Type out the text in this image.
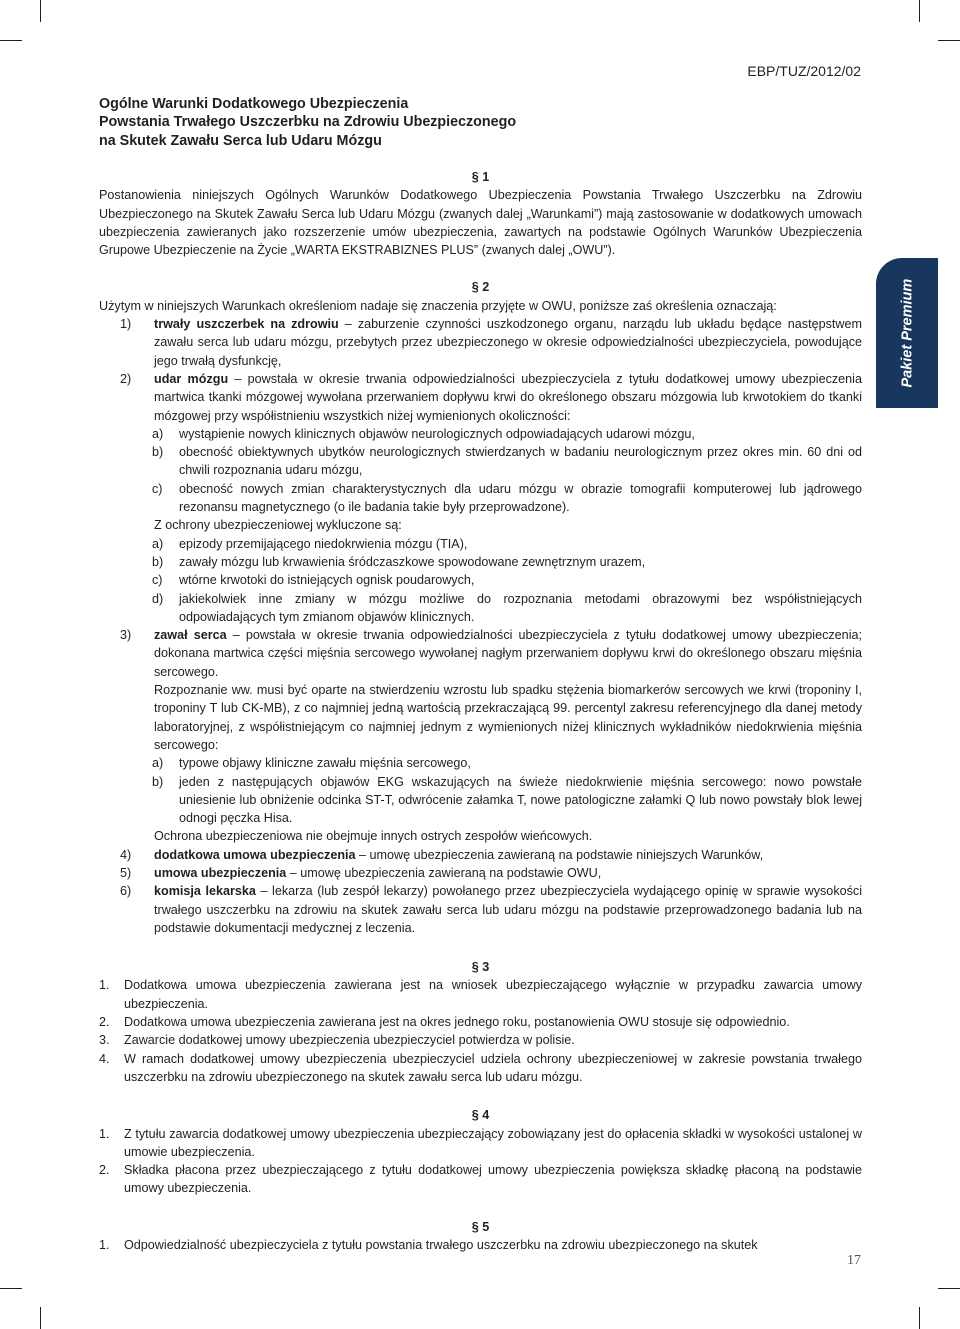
EBP/TUZ/2012/02
Ogólne Warunki Dodatkowego Ubezpieczenia
Powstania Trwałego Uszczerbku na Zdrowiu Ubezpieczonego
na Skutek Zawału Serca lub Udaru Mózgu
Pakiet Premium
§ 1

Postanowienia niniejszych Ogólnych Warunków Dodatkowego Ubezpieczenia Powstania Trwałego Uszczerbku na Zdrowiu Ubezpieczonego na Skutek Zawału Serca lub Udaru Mózgu (zwanych dalej „Warunkami”) mają zastosowanie w dodatkowych umowach ubezpieczenia zawieranych jako rozszerzenie umów ubezpieczenia, zawartych na podstawie Ogólnych Warunków Ubezpieczenia Grupowe Ubezpieczenie na Życie „WARTA EKSTRABIZNES PLUS” (zwanych dalej „OWU”).

§ 2

Użytym w niniejszych Warunkach określeniom nadaje się znaczenia przyjęte w OWU, poniższe zaś określenia oznaczają:

1) trwały uszczerbek na zdrowiu – zaburzenie czynności uszkodzonego organu, narządu lub układu będące następstwem zawału serca lub udaru mózgu, przebytych przez ubezpieczonego w okresie odpowiedzialności ubezpieczyciela, powodujące jego trwałą dysfunkcję,
2) udar mózgu – powstała w okresie trwania odpowiedzialności ubezpieczyciela z tytułu dodatkowej umowy ubezpieczenia martwica tkanki mózgowej wywołana przerwaniem dopływu krwi do określonego obszaru mózgowia lub krwotokiem do tkanki mózgowej przy współistnieniu wszystkich niżej wymienionych okoliczności:
a) wystąpienie nowych klinicznych objawów neurologicznych odpowiadających udarowi mózgu,
b) obecność obiektywnych ubytków neurologicznych stwierdzanych w badaniu neurologicznym przez okres min. 60 dni od chwili rozpoznania udaru mózgu,
c) obecność nowych zmian charakterystycznych dla udaru mózgu w obrazie tomografii komputerowej lub jądrowego rezonansu magnetycznego (o ile badania takie były przeprowadzone).
Z ochrony ubezpieczeniowej wykluczone są:
a) epizody przemijającego niedokrwienia mózgu (TIA),
b) zawały mózgu lub krwawienia śródczaszkowe spowodowane zewnętrznym urazem,
c) wtórne krwotoki do istniejących ognisk poudarowych,
d) jakiekolwiek inne zmiany w mózgu możliwe do rozpoznania metodami obrazowymi bez współistniejących odpowiadających tym zmianom objawów klinicznych.
3) zawał serca – powstała w okresie trwania odpowiedzialności ubezpieczyciela z tytułu dodatkowej umowy ubezpieczenia; dokonana martwica części mięśnia sercowego wywołanej nagłym przerwaniem dopływu krwi do określonego obszaru mięśnia sercowego.
Rozpoznanie ww. musi być oparte na stwierdzeniu wzrostu lub spadku stężenia biomarkerów sercowych we krwi (troponiny I, troponiny T lub CK-MB), z co najmniej jedną wartością przekraczającą 99. percentyl zakresu referencyjnego dla danej metody laboratoryjnej, z współistniejącym co najmniej jednym z wymienionych niżej klinicznych wykładników niedokrwienia mięśnia sercowego:
a) typowe objawy kliniczne zawału mięśnia sercowego,
b) jeden z następujących objawów EKG wskazujących na świeże niedokrwienie mięśnia sercowego: nowo powstałe uniesienie lub obniżenie odcinka ST-T, odwrócenie załamka T, nowe patologiczne załamki Q lub nowo powstały blok lewej odnogi pęczka Hisa.
Ochrona ubezpieczeniowa nie obejmuje innych ostrych zespołów wieńcowych.
4) dodatkowa umowa ubezpieczenia – umowę ubezpieczenia zawieraną na podstawie niniejszych Warunków,
5) umowa ubezpieczenia – umowę ubezpieczenia zawieraną na podstawie OWU,
6) komisja lekarska – lekarza (lub zespół lekarzy) powołanego przez ubezpieczyciela wydającego opinię w sprawie wysokości trwałego uszczerbku na zdrowiu na skutek zawału serca lub udaru mózgu na podstawie przeprowadzonego badania lub na podstawie dokumentacji medycznej z leczenia.
§ 3
1. Dodatkowa umowa ubezpieczenia zawierana jest na wniosek ubezpieczającego wyłącznie w przypadku zawarcia umowy ubezpieczenia.
2. Dodatkowa umowa ubezpieczenia zawierana jest na okres jednego roku, postanowienia OWU stosuje się odpowiednio.
3. Zawarcie dodatkowej umowy ubezpieczenia ubezpieczyciel potwierdza w polisie.
4. W ramach dodatkowej umowy ubezpieczenia ubezpieczyciel udziela ochrony ubezpieczeniowej w zakresie powstania trwałego uszczerbku na zdrowiu ubezpieczonego na skutek zawału serca lub udaru mózgu.
§ 4
1. Z tytułu zawarcia dodatkowej umowy ubezpieczenia ubezpieczający zobowiązany jest do opłacenia składki w wysokości ustalonej w umowie ubezpieczenia.
2. Składka płacona przez ubezpieczającego z tytułu dodatkowej umowy ubezpieczenia powiększa składkę płaconą na podstawie umowy ubezpieczenia.
§ 5
1. Odpowiedzialność ubezpieczyciela z tytułu powstania trwałego uszczerbku na zdrowiu ubezpieczonego na skutek
17
